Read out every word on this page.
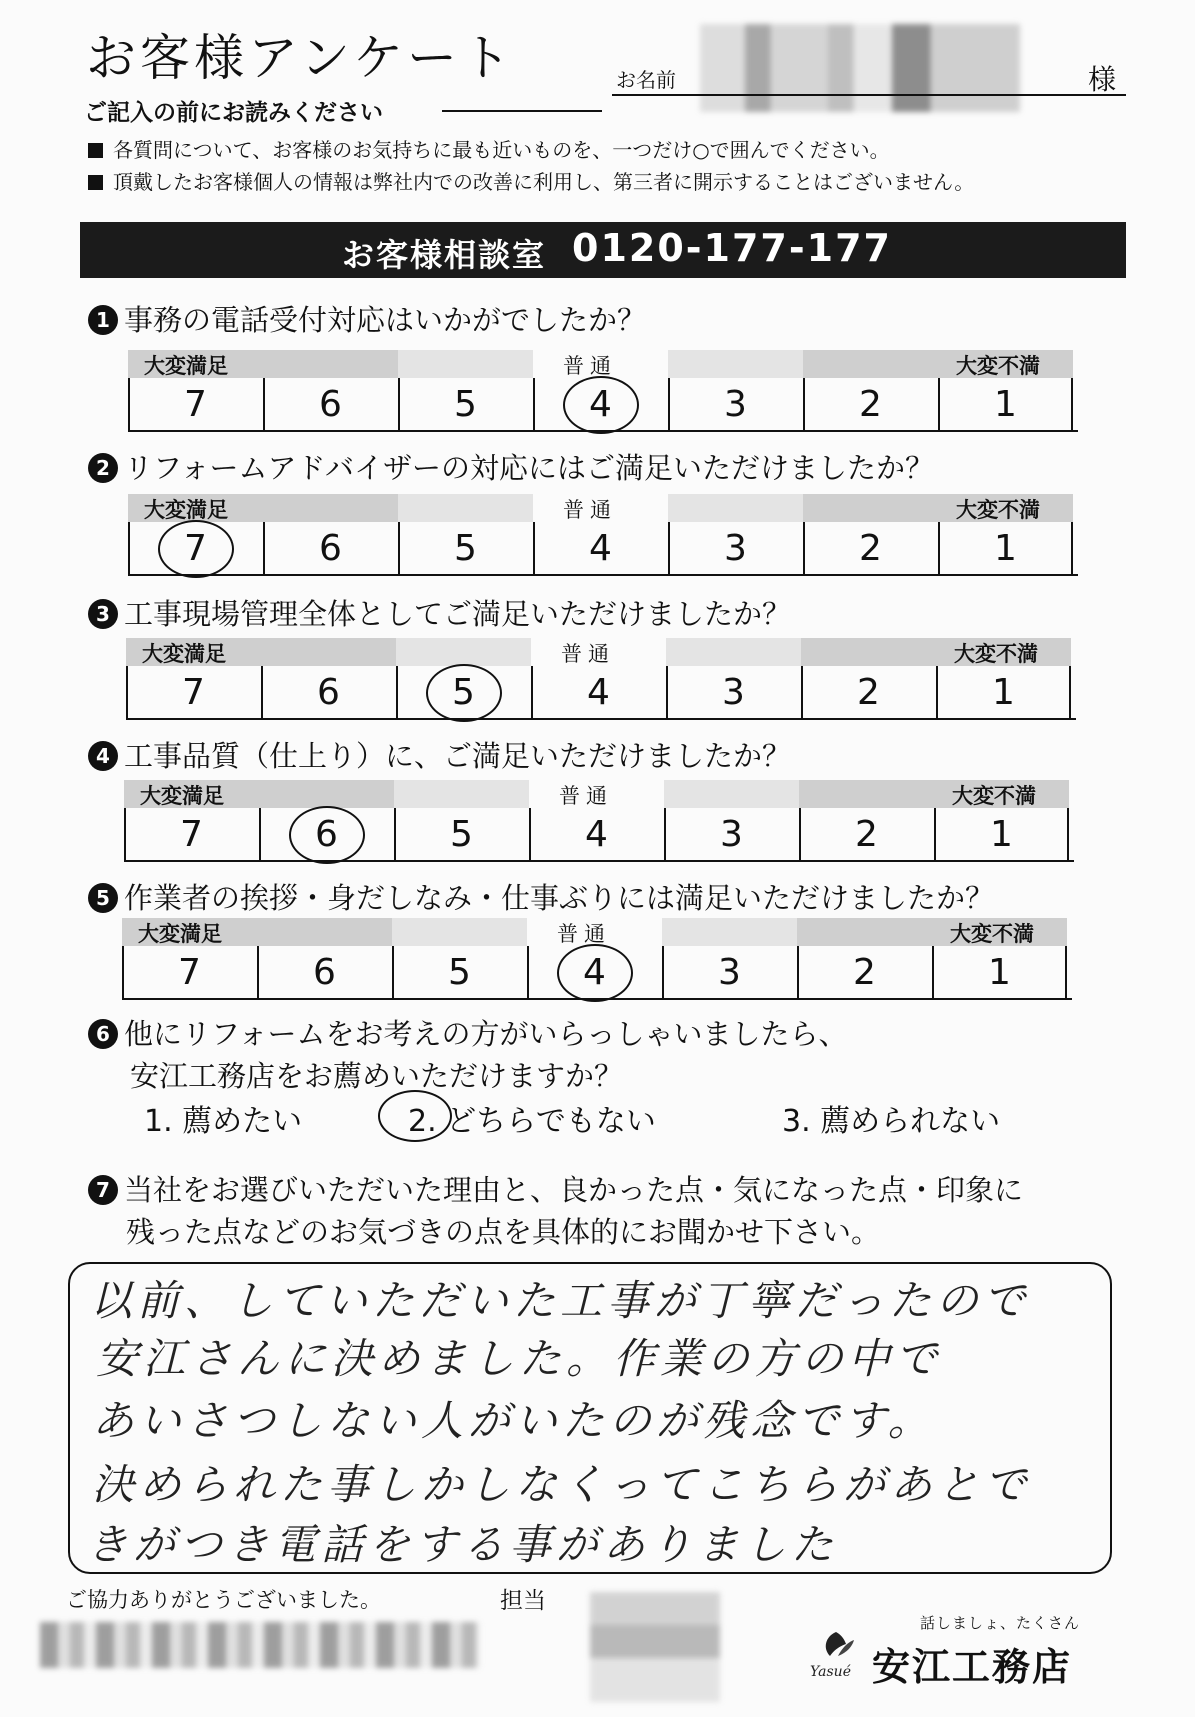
お客様アンケート	お名前	様
ご記入の前にお読みください
各質問について、お客様のお気持ちに最も近いものを、一つだけ○で囲んでください。
頂戴したお客様個人の情報は弊社内での改善に利用し、第三者に開示することはございません。
お客様相談室 0120-177-177
1 事務の電話受付対応はいかがでしたか？
大変満足	普通	大変不満
7	6	5	4	3	2	1
2 リフォームアドバイザーの対応にはご満足いただけましたか？
大変満足	普通	大変不満
7	6	5	4	3	2	1
3 工事現場管理全体としてご満足いただけましたか？
大変満足	普通	大変不満
7	6	5	4	3	2	1
4 工事品質（仕上り）に、ご満足いただけましたか？
大変満足	普通	大変不満
7	6	5	4	3	2	1
5 作業者の挨拶・身だしなみ・仕事ぶりには満足いただけましたか？
大変満足	普通	大変不満
7	6	5	4	3	2	1
6 他にリフォームをお考えの方がいらっしゃいましたら、
安江工務店をお薦めいただけますか？
1. 薦めたい	2. どちらでもない	3. 薦められない
7 当社をお選びいただいた理由と、良かった点・気になった点・印象に
残った点などのお気づきの点を具体的にお聞かせ下さい。
以前、していただいた工事が丁寧だったので
安江さんに決めました。作業の方の中で
あいさつしない人がいたのが残念です。
決められた事しかしなくってこちらがあとで
きがつき電話をする事がありました
ご協力ありがとうございました。	担当
話しましょ、たくさん
Yasué 安江工務店
